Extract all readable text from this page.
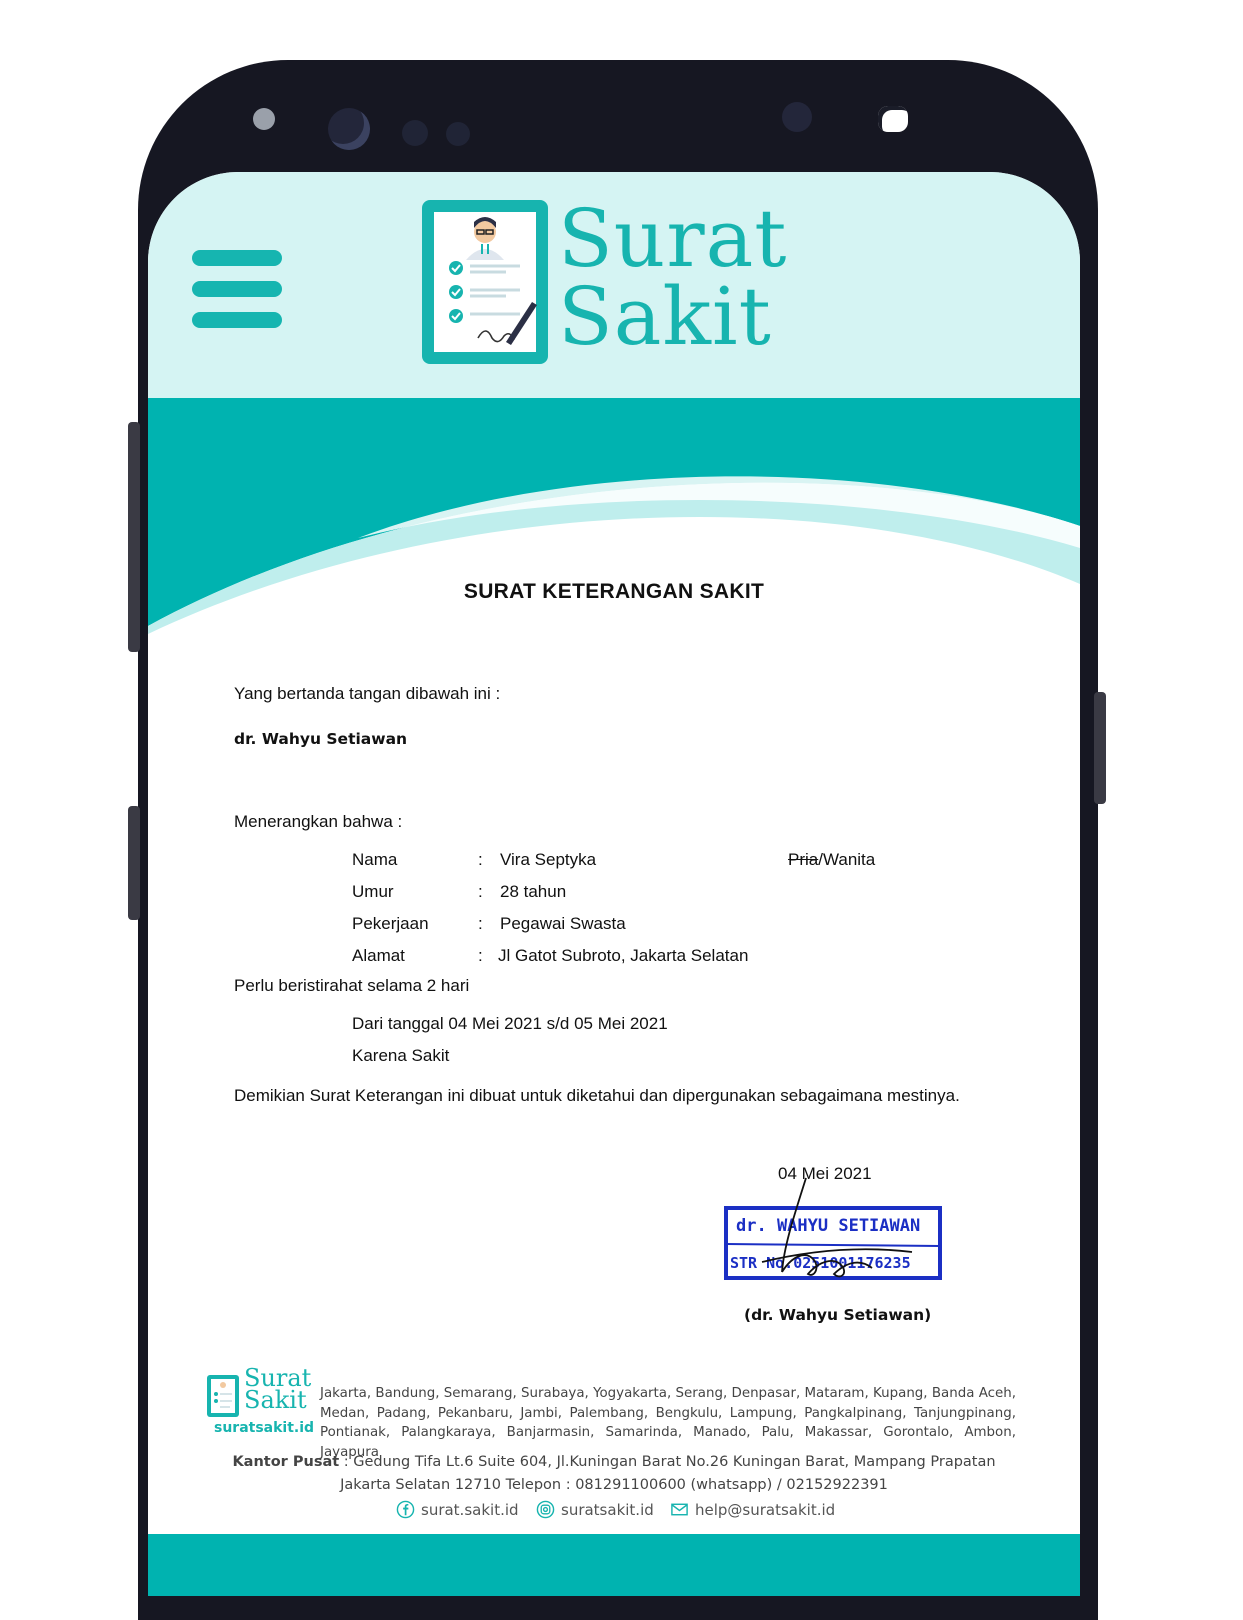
Surat
Sakit
SURAT KETERANGAN SAKIT
Yang bertanda tangan dibawah ini :
dr. Wahyu Setiawan
Menerangkan bahwa :
Nama	: Vira Septyka	Pria/Wanita
Umur	: 28 tahun
Pekerjaan	: Pegawai Swasta
Alamat	: Jl Gatot Subroto, Jakarta Selatan
Perlu beristirahat selama 2 hari
Dari tanggal 04 Mei 2021 s/d 05 Mei 2021
Karena Sakit
Demikian Surat Keterangan ini dibuat untuk diketahui dan dipergunakan sebagaimana mestinya.
04 Mei 2021
dr. WAHYU SETIAWAN
STR No.0251001176235
(dr. Wahyu Setiawan)
Surat
Sakit
suratsakit.id
Jakarta, Bandung, Semarang, Surabaya, Yogyakarta, Serang, Denpasar, Mataram, Kupang, Banda Aceh,
Medan, Padang, Pekanbaru, Jambi, Palembang, Bengkulu, Lampung, Pangkalpinang, Tanjungpinang,
Pontianak, Palangkaraya, Banjarmasin, Samarinda, Manado, Palu, Makassar, Gorontalo, Ambon, Jayapura
Kantor Pusat : Gedung Tifa Lt.6 Suite 604, Jl.Kuningan Barat No.26 Kuningan Barat, Mampang Prapatan
Jakarta Selatan 12710 Telepon : 081291100600 (whatsapp) / 02152922391
surat.sakit.id	suratsakit.id	help@suratsakit.id
